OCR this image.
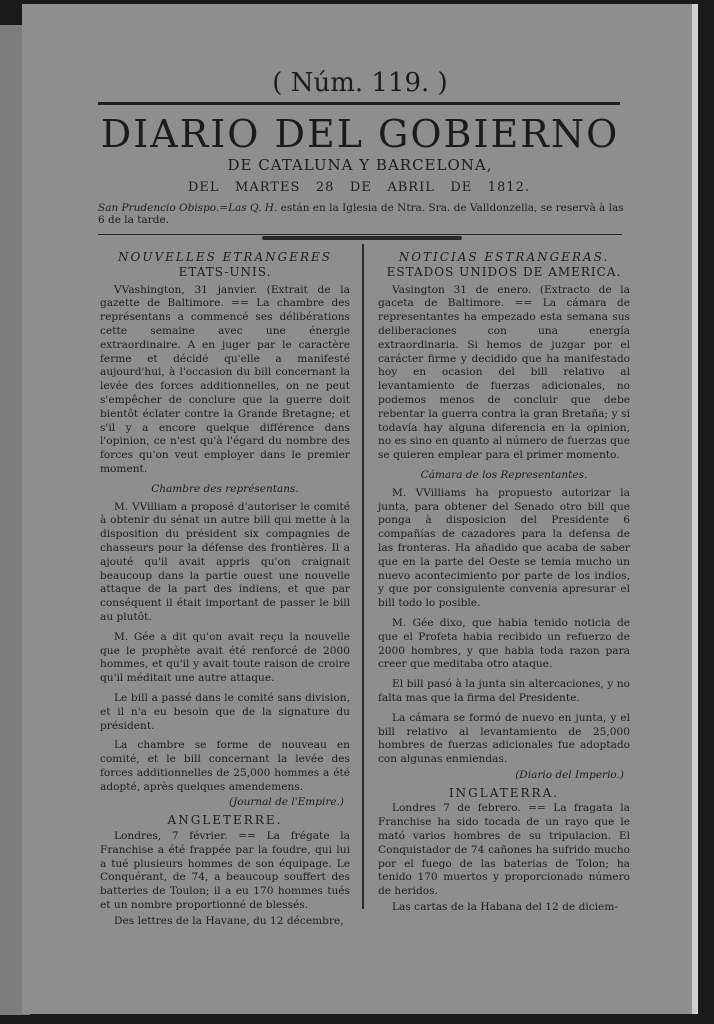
( Núm. 119. )
DIARIO DEL GOBIERNO
DE CATALUNA Y BARCELONA,
DEL MARTES 28 DE ABRIL DE 1812.
San Prudencio Obispo.=Las Q. H. están en la Iglesia de Ntra. Sra. de Valldonzella, se reservà à las 6 de la tarde.
NOUVELLES ETRANGERES
ETATS-UNIS.

VVashington, 31 janvier. (Extrait de la gazette de Baltimore. == La chambre des représentans a commencé ses délibérations cette semaine avec une énergie extraordinaire. A en juger par le caractère ferme et décidé qu'elle a manifesté aujourd'hui, à l'occasion du bill concernant la levée des forces additionnelles, on ne peut s'empêcher de conclure que la guerre doit bientôt éclater contre la Grande Bretagne; et s'il y a encore quelque différence dans l'opinion, ce n'est qu'à l'égard du nombre des forces qu'on veut employer dans le premier moment.

Chambre des représentans.

M. VVilliam a proposé d'autoriser le comité à obtenir du sénat un autre bill qui mette à la disposition du président six compagnies de chasseurs pour la défense des frontières. Il a ajouté qu'il avait appris qu'on craignait beaucoup dans la partie ouest une nouvelle attaque de la part des indiens, et que par conséquent il était important de passer le bill au plutôt.

M. Gée a dit qu'on avait reçu la nouvelle que le prophète avait été renforcé de 2000 hommes, et qu'il y avait toute raison de croire qu'il méditait une autre attaque.

Le bill a passé dans le comité sans division, et il n'a eu besoin que de la signature du président.

La chambre se forme de nouveau en comité, et le bill concernant la levée des forces additionnelles de 25,000 hommes a été adopté, après quelques amendemens.

(Journal de l'Empire.)
ANGLETERRE.

Londres, 7 février. == La frégate la Franchise a été frappée par la foudre, qui lui a tué plusieurs hommes de son équipage. Le Conquérant, de 74, a beaucoup souffert des batteries de Toulon; il a eu 170 hommes tués et un nombre proportionné de blessés.

Des lettres de la Havane, du 12 décembre,

NOTICIAS ESTRANGERAS.
ESTADOS UNIDOS DE AMERICA.

Vasington 31 de enero. (Extracto de la gaceta de Baltimore. == La cámara de representantes ha empezado esta semana sus deliberaciones con una energía extraordinaria. Si hemos de juzgar por el carácter firme y decidido que ha manifestado hoy en ocasion del bill relativo al levantamiento de fuerzas adicionales, no podemos menos de concluir que debe rebentar la guerra contra la gran Bretaña; y si todavía hay alguna diferencia en la opinion, no es sino en quanto al número de fuerzas que se quieren emplear para el primer momento.

Cámara de los Representantes.

M. VVilliams ha propuesto autorizar la junta, para obtener del Senado otro bill que ponga à disposicion del Presidente 6 compañías de cazadores para la defensa de las fronteras. Ha añadido que acaba de saber que en la parte del Oeste se temia mucho un nuevo acontecimiento por parte de los indios, y que por consiguiente convenia apresurar el bill todo lo posible.

M. Gée dixo, que habia tenido noticia de que el Profeta habia recibido un refuerzo de 2000 hombres, y que habia toda razon para creer que meditaba otro ataque.

El bill pasó à la junta sin altercaciones, y no falta mas que la firma del Presidente.

La cámara se formó de nuevo en junta, y el bill relativo al levantamiento de 25,000 hombres de fuerzas adicionales fue adoptado con algunas enmiendas.

(Diario del Imperio.)
INGLATERRA.

Londres 7 de febrero. == La fragata la Franchise ha sido tocada de un rayo que le mató varios hombres de su tripulacion. El Conquistador de 74 cañones ha sufrido mucho por el fuego de las baterias de Tolon; ha tenido 170 muertos y proporcionado número de heridos.

Las cartas de la Habana del 12 de diciem-
